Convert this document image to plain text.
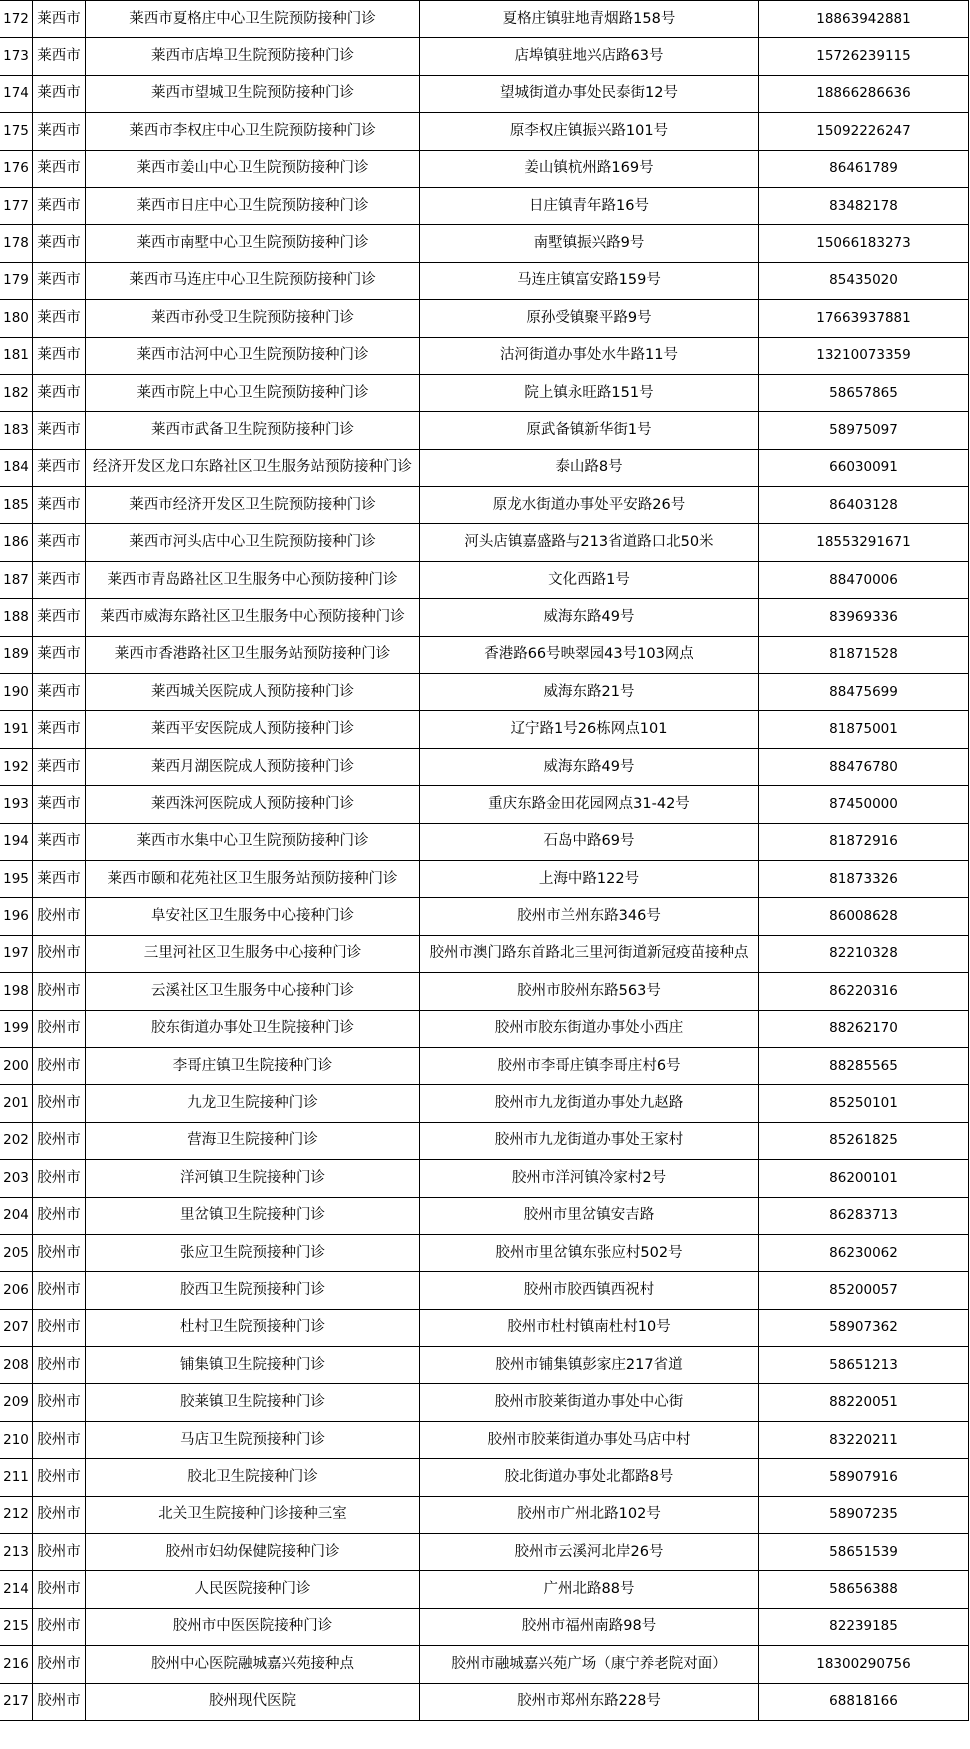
172	莱西市	莱西市夏格庄中心卫生院预防接种门诊	夏格庄镇驻地青烟路158号	18863942881
173	莱西市	莱西市店埠卫生院预防接种门诊	店埠镇驻地兴店路63号	15726239115
174	莱西市	莱西市望城卫生院预防接种门诊	望城街道办事处民泰街12号	18866286636
175	莱西市	莱西市李权庄中心卫生院预防接种门诊	原李权庄镇振兴路101号	15092226247
176	莱西市	莱西市姜山中心卫生院预防接种门诊	姜山镇杭州路169号	86461789
177	莱西市	莱西市日庄中心卫生院预防接种门诊	日庄镇青年路16号	83482178
178	莱西市	莱西市南墅中心卫生院预防接种门诊	南墅镇振兴路9号	15066183273
179	莱西市	莱西市马连庄中心卫生院预防接种门诊	马连庄镇富安路159号	85435020
180	莱西市	莱西市孙受卫生院预防接种门诊	原孙受镇聚平路9号	17663937881
181	莱西市	莱西市沽河中心卫生院预防接种门诊	沽河街道办事处水牛路11号	13210073359
182	莱西市	莱西市院上中心卫生院预防接种门诊	院上镇永旺路151号	58657865
183	莱西市	莱西市武备卫生院预防接种门诊	原武备镇新华街1号	58975097
184	莱西市	经济开发区龙口东路社区卫生服务站预防接种门诊	泰山路8号	66030091
185	莱西市	莱西市经济开发区卫生院预防接种门诊	原龙水街道办事处平安路26号	86403128
186	莱西市	莱西市河头店中心卫生院预防接种门诊	河头店镇嘉盛路与213省道路口北50米	18553291671
187	莱西市	莱西市青岛路社区卫生服务中心预防接种门诊	文化西路1号	88470006
188	莱西市	莱西市威海东路社区卫生服务中心预防接种门诊	威海东路49号	83969336
189	莱西市	莱西市香港路社区卫生服务站预防接种门诊	香港路66号映翠园43号103网点	81871528
190	莱西市	莱西城关医院成人预防接种门诊	威海东路21号	88475699
191	莱西市	莱西平安医院成人预防接种门诊	辽宁路1号26栋网点101	81875001
192	莱西市	莱西月湖医院成人预防接种门诊	威海东路49号	88476780
193	莱西市	莱西洙河医院成人预防接种门诊	重庆东路金田花园网点31-42号	87450000
194	莱西市	莱西市水集中心卫生院预防接种门诊	石岛中路69号	81872916
195	莱西市	莱西市颐和花苑社区卫生服务站预防接种门诊	上海中路122号	81873326
196	胶州市	阜安社区卫生服务中心接种门诊	胶州市兰州东路346号	86008628
197	胶州市	三里河社区卫生服务中心接种门诊	胶州市澳门路东首路北三里河街道新冠疫苗接种点	82210328
198	胶州市	云溪社区卫生服务中心接种门诊	胶州市胶州东路563号	86220316
199	胶州市	胶东街道办事处卫生院接种门诊	胶州市胶东街道办事处小西庄	88262170
200	胶州市	李哥庄镇卫生院接种门诊	胶州市李哥庄镇李哥庄村6号	88285565
201	胶州市	九龙卫生院接种门诊	胶州市九龙街道办事处九赵路	85250101
202	胶州市	营海卫生院接种门诊	胶州市九龙街道办事处王家村	85261825
203	胶州市	洋河镇卫生院接种门诊	胶州市洋河镇冷家村2号	86200101
204	胶州市	里岔镇卫生院接种门诊	胶州市里岔镇安吉路	86283713
205	胶州市	张应卫生院预接种门诊	胶州市里岔镇东张应村502号	86230062
206	胶州市	胶西卫生院预接种门诊	胶州市胶西镇西祝村	85200057
207	胶州市	杜村卫生院预接种门诊	胶州市杜村镇南杜村10号	58907362
208	胶州市	铺集镇卫生院接种门诊	胶州市铺集镇彭家庄217省道	58651213
209	胶州市	胶莱镇卫生院接种门诊	胶州市胶莱街道办事处中心街	88220051
210	胶州市	马店卫生院预接种门诊	胶州市胶莱街道办事处马店中村	83220211
211	胶州市	胶北卫生院接种门诊	胶北街道办事处北都路8号	58907916
212	胶州市	北关卫生院接种门诊接种三室	胶州市广州北路102号	58907235
213	胶州市	胶州市妇幼保健院接种门诊	胶州市云溪河北岸26号	58651539
214	胶州市	人民医院接种门诊	广州北路88号	58656388
215	胶州市	胶州市中医医院接种门诊	胶州市福州南路98号	82239185
216	胶州市	胶州中心医院融城嘉兴苑接种点	胶州市融城嘉兴苑广场（康宁养老院对面）	18300290756
217	胶州市	胶州现代医院	胶州市郑州东路228号	68818166
